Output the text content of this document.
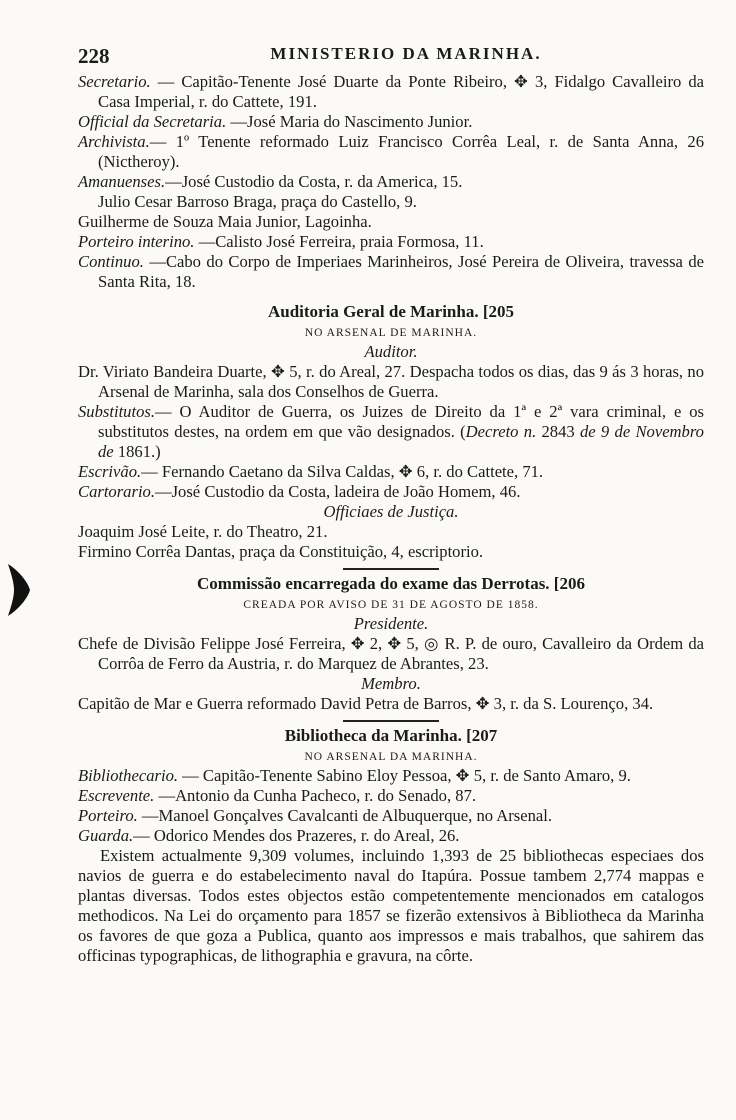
228	MINISTERIO DA MARINHA.

Secretario. — Capitão-Tenente José Duarte da Ponte Ribeiro, ✥ 3, Fidalgo Cavalleiro da Casa Imperial, r. do Cattete, 191.

Official da Secretaria. —José Maria do Nascimento Junior.

Archivista.— 1º Tenente reformado Luiz Francisco Corrêa Leal, r. de Santa Anna, 26 (Nictheroy).

Amanuenses.—José Custodio da Costa, r. da America, 15.

Julio Cesar Barroso Braga, praça do Castello, 9.

Guilherme de Souza Maia Junior, Lagoinha.

Porteiro interino. —Calisto José Ferreira, praia Formosa, 11.

Continuo. —Cabo do Corpo de Imperiaes Marinheiros, José Pereira de Oliveira, travessa de Santa Rita, 18.

Auditoria Geral de Marinha. [205
NO ARSENAL DE MARINHA.
Auditor.

Dr. Viriato Bandeira Duarte, ✥ 5, r. do Areal, 27. Despacha todos os dias, das 9 ás 3 horas, no Arsenal de Marinha, sala dos Conselhos de Guerra.

Substitutos.— O Auditor de Guerra, os Juizes de Direito da 1ª e 2ª vara criminal, e os substitutos destes, na ordem em que vão designados. (Decreto n. 2843 de 9 de Novembro de 1861.)

Escrivão.— Fernando Caetano da Silva Caldas, ✥ 6, r. do Cattete, 71.

Cartorario.—José Custodio da Costa, ladeira de João Homem, 46.

Officiaes de Justiça.

Joaquim José Leite, r. do Theatro, 21.

Firmino Corrêa Dantas, praça da Constituição, 4, escriptorio.

Commissão encarregada do exame das Derrotas. [206
CREADA POR AVISO DE 31 DE AGOSTO DE 1858.
Presidente.

Chefe de Divisão Felippe José Ferreira, ✥ 2, ✥ 5, ◎ R. P. de ouro, Cavalleiro da Ordem da Corrôa de Ferro da Austria, r. do Marquez de Abrantes, 23.

Membro.

Capitão de Mar e Guerra reformado David Petra de Barros, ✥ 3, r. da S. Lourenço, 34.

Bibliotheca da Marinha. [207
NO ARSENAL DA MARINHA.

Bibliothecario. — Capitão-Tenente Sabino Eloy Pessoa, ✥ 5, r. de Santo Amaro, 9.

Escrevente. —Antonio da Cunha Pacheco, r. do Senado, 87.

Porteiro. —Manoel Gonçalves Cavalcanti de Albuquerque, no Arsenal.

Guarda.— Odorico Mendes dos Prazeres, r. do Areal, 26.

Existem actualmente 9,309 volumes, incluindo 1,393 de 25 bibliothecas especiaes dos navios de guerra e do estabelecimento naval do Itapúra. Possue tambem 2,774 mappas e plantas diversas. Todos estes objectos estão competentemente mencionados em catalogos methodicos. Na Lei do orçamento para 1857 se fizerão extensivos à Bibliotheca da Marinha os favores de que goza a Publica, quanto aos impressos e mais trabalhos, que sahirem das officinas typographicas, de lithographia e gravura, na côrte.
